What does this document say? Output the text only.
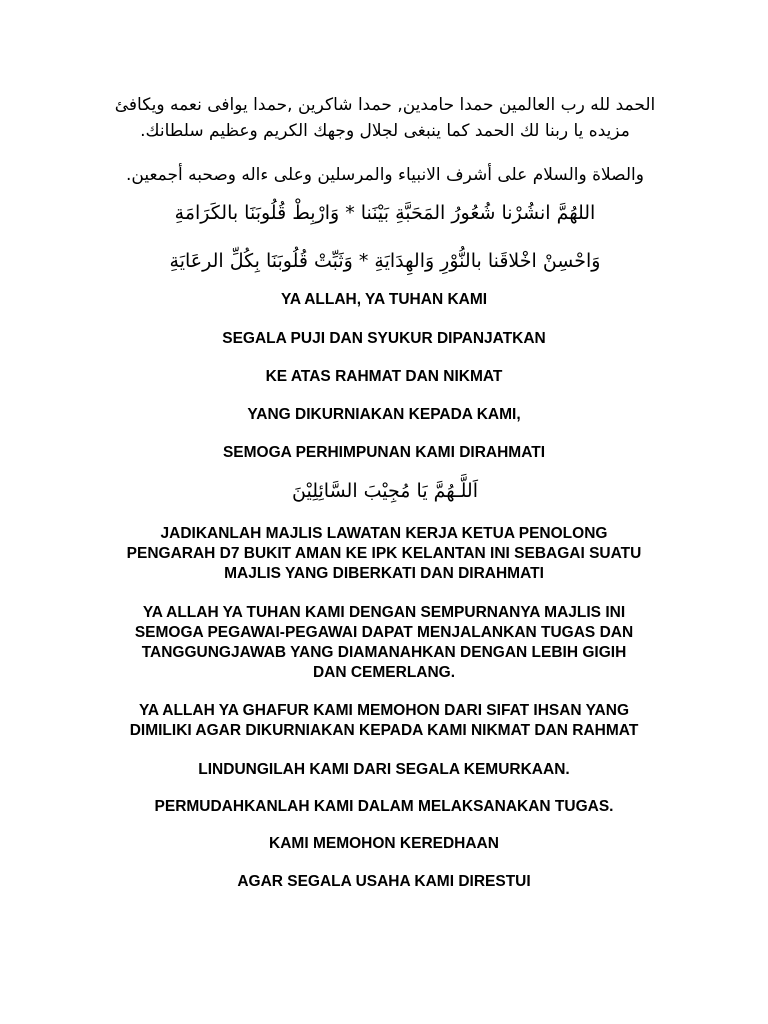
الحمد لله رب العالمين حمدا حامدين, حمدا شاكرين ,حمدا يوافى نعمه ويكافئ
مزيده يا ربنا لك الحمد كما ينبغى لجلال وجهك الكريم وعظيم سلطانك.
والصلاة والسلام على أشرف الانبياء والمرسلين وعلى ءاله وصحبه أجمعين.
اللهُمَّ انشُرْنا شُعُورُ المَحَبَّةِ بَيْنَنا * وَارْبِطْ قُلُوبَنَا بالكَرَامَةِ
وَاحْسِنْ اخْلاقَنا بالنُّوْرِ وَالهِدَايَةِ * وَثَبِّتْ قُلُوبَنَا بِكُلِّ الرعَايَةِ
YA ALLAH, YA TUHAN KAMI
SEGALA PUJI DAN SYUKUR DIPANJATKAN
KE ATAS RAHMAT DAN NIKMAT
YANG DIKURNIAKAN KEPADA KAMI,
SEMOGA PERHIMPUNAN KAMI DIRAHMATI
اَللَّـهُمَّ يَا مُجِيْبَ السَّائِلِيْنَ
JADIKANLAH MAJLIS LAWATAN KERJA KETUA PENOLONG
PENGARAH D7 BUKIT AMAN KE IPK KELANTAN INI SEBAGAI SUATU
MAJLIS YANG DIBERKATI DAN DIRAHMATI
YA ALLAH YA TUHAN KAMI DENGAN SEMPURNANYA MAJLIS INI
SEMOGA PEGAWAI-PEGAWAI DAPAT MENJALANKAN TUGAS DAN
TANGGUNGJAWAB YANG DIAMANAHKAN DENGAN LEBIH GIGIH
DAN CEMERLANG.
YA ALLAH YA GHAFUR KAMI MEMOHON DARI SIFAT IHSAN YANG
DIMILIKI AGAR DIKURNIAKAN KEPADA KAMI NIKMAT DAN RAHMAT
LINDUNGILAH KAMI DARI SEGALA KEMURKAAN.
PERMUDAHKANLAH KAMI DALAM MELAKSANAKAN TUGAS.
KAMI MEMOHON KEREDHAAN
AGAR SEGALA USAHA KAMI DIRESTUI
